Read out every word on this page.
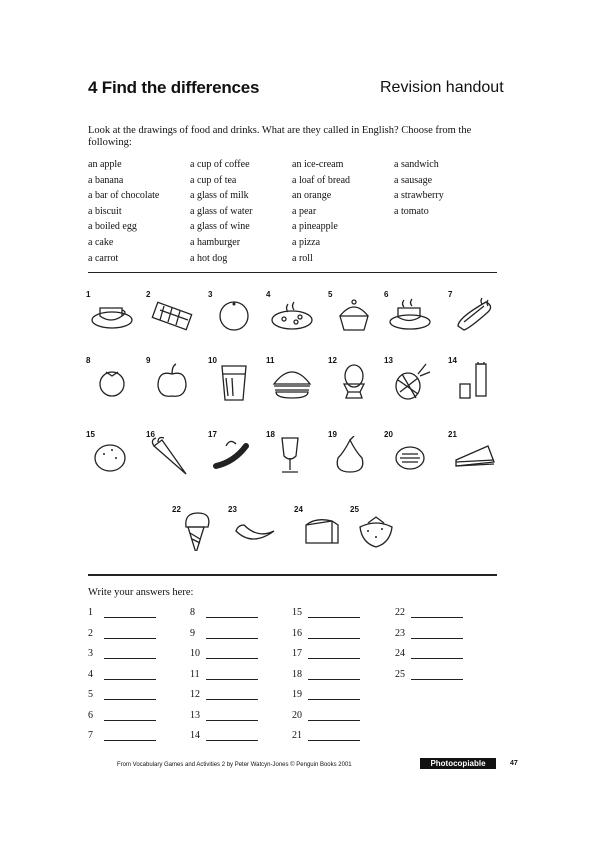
4 Find the differences	Revision handout
Look at the drawings of food and drinks. What are they called in English? Choose from the following:
an apple
a banana
a bar of chocolate
a biscuit
a boiled egg
a cake
a carrot
a cup of coffee
a cup of tea
a glass of milk
a glass of water
a glass of wine
a hamburger
a hot dog
an ice-cream
a loaf of bread
an orange
a pear
a pineapple
a pizza
a roll
a sandwich
a sausage
a strawberry
a tomato
1	2	3	4	5	6	7
8	9	10	11	12	13	14
15	16	17	18	19	20	21
22	23	24	25
Write your answers here:
1
2
3
4
5
6
7
8
9
10
11
12
13
14
15
16
17
18
19
20
21
22
23
24
25
From Vocabulary Games and Activities 2 by Peter Watcyn-Jones © Penguin Books 2001	Photocopiable	47
